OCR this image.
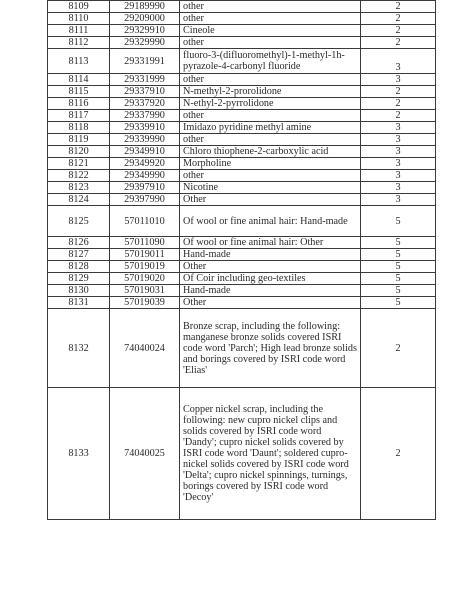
8109	29189990	other	2
8110	29209000	other	2
8111	29329910	Cineole	2
8112	29329990	other	2
8113	29331991	fluoro-3-(difluoromethyl)-1-methyl-1h-pyrazole-4-carbonyl fluoride	3
8114	29331999	other	3
8115	29337910	N-methyl-2-prorolidone	2
8116	29337920	N-ethyl-2-pyrrolidone	2
8117	29337990	other	2
8118	29339910	Imidazo pyridine methyl amine	3
8119	29339990	other	3
8120	29349910	Chloro thiophene-2-carboxylic acid	3
8121	29349920	Morpholine	3
8122	29349990	other	3
8123	29397910	Nicotine	3
8124	29397990	Other	3
8125	57011010	Of wool or fine animal hair: Hand-made	5
8126	57011090	Of wool or fine animal hair: Other	5
8127	57019011	Hand-made	5
8128	57019019	Other	5
8129	57019020	Of Coir including geo-textiles	5
8130	57019031	Hand-made	5
8131	57019039	Other	5
8132	74040024	Bronze scrap, including the following: manganese bronze solids covered ISRI code word 'Parch'; High lead bronze solids and borings covered by ISRI code word 'Elias'	2
8133	74040025	Copper nickel scrap, including the following: new cupro nickel clips and solids covered by ISRI code word 'Dandy'; cupro nickel solids covered by ISRI code word 'Daunt'; soldered cupro-nickel solids covered by ISRI code word 'Delta'; cupro nickel spinnings, turnings, borings covered by ISRI code word 'Decoy'	2
